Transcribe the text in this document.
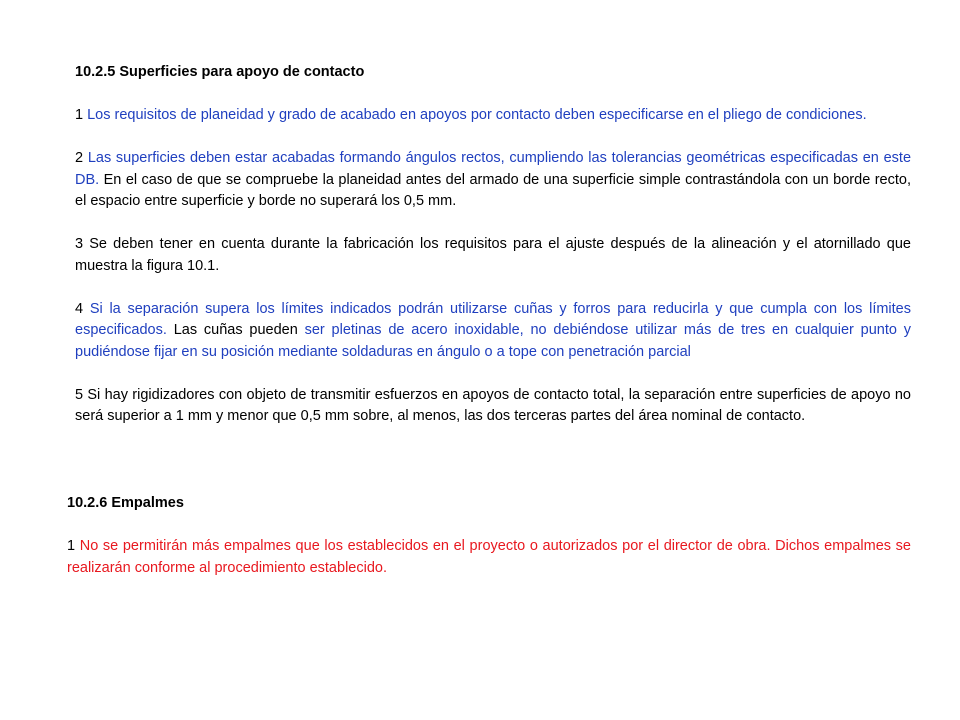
10.2.5 Superficies para apoyo de contacto
1 Los requisitos de planeidad y grado de acabado en apoyos por contacto deben especificarse en el pliego de condiciones.
2 Las superficies deben estar acabadas formando ángulos rectos, cumpliendo las tolerancias geométricas especificadas en este DB. En el caso de que se compruebe la planeidad antes del armado de una superficie simple contrastándola con un borde recto, el espacio entre superficie y borde no superará los 0,5 mm.
3 Se deben tener en cuenta durante la fabricación los requisitos para el ajuste después de la alineación y el atornillado que muestra la figura 10.1.
4 Si la separación supera los límites indicados podrán utilizarse cuñas y forros para reducirla y que cumpla con los límites especificados. Las cuñas pueden ser pletinas de acero inoxidable, no debiéndose utilizar más de tres en cualquier punto y pudiéndose fijar en su posición mediante soldaduras en ángulo o a tope con penetración parcial
5 Si hay rigidizadores con objeto de transmitir esfuerzos en apoyos de contacto total, la separación entre superficies de apoyo no será superior a 1 mm y menor que 0,5 mm sobre, al menos, las dos terceras partes del área nominal de contacto.
10.2.6 Empalmes
1 No se permitirán más empalmes que los establecidos en el proyecto o autorizados por el director de obra. Dichos empalmes se realizarán conforme al procedimiento establecido.
